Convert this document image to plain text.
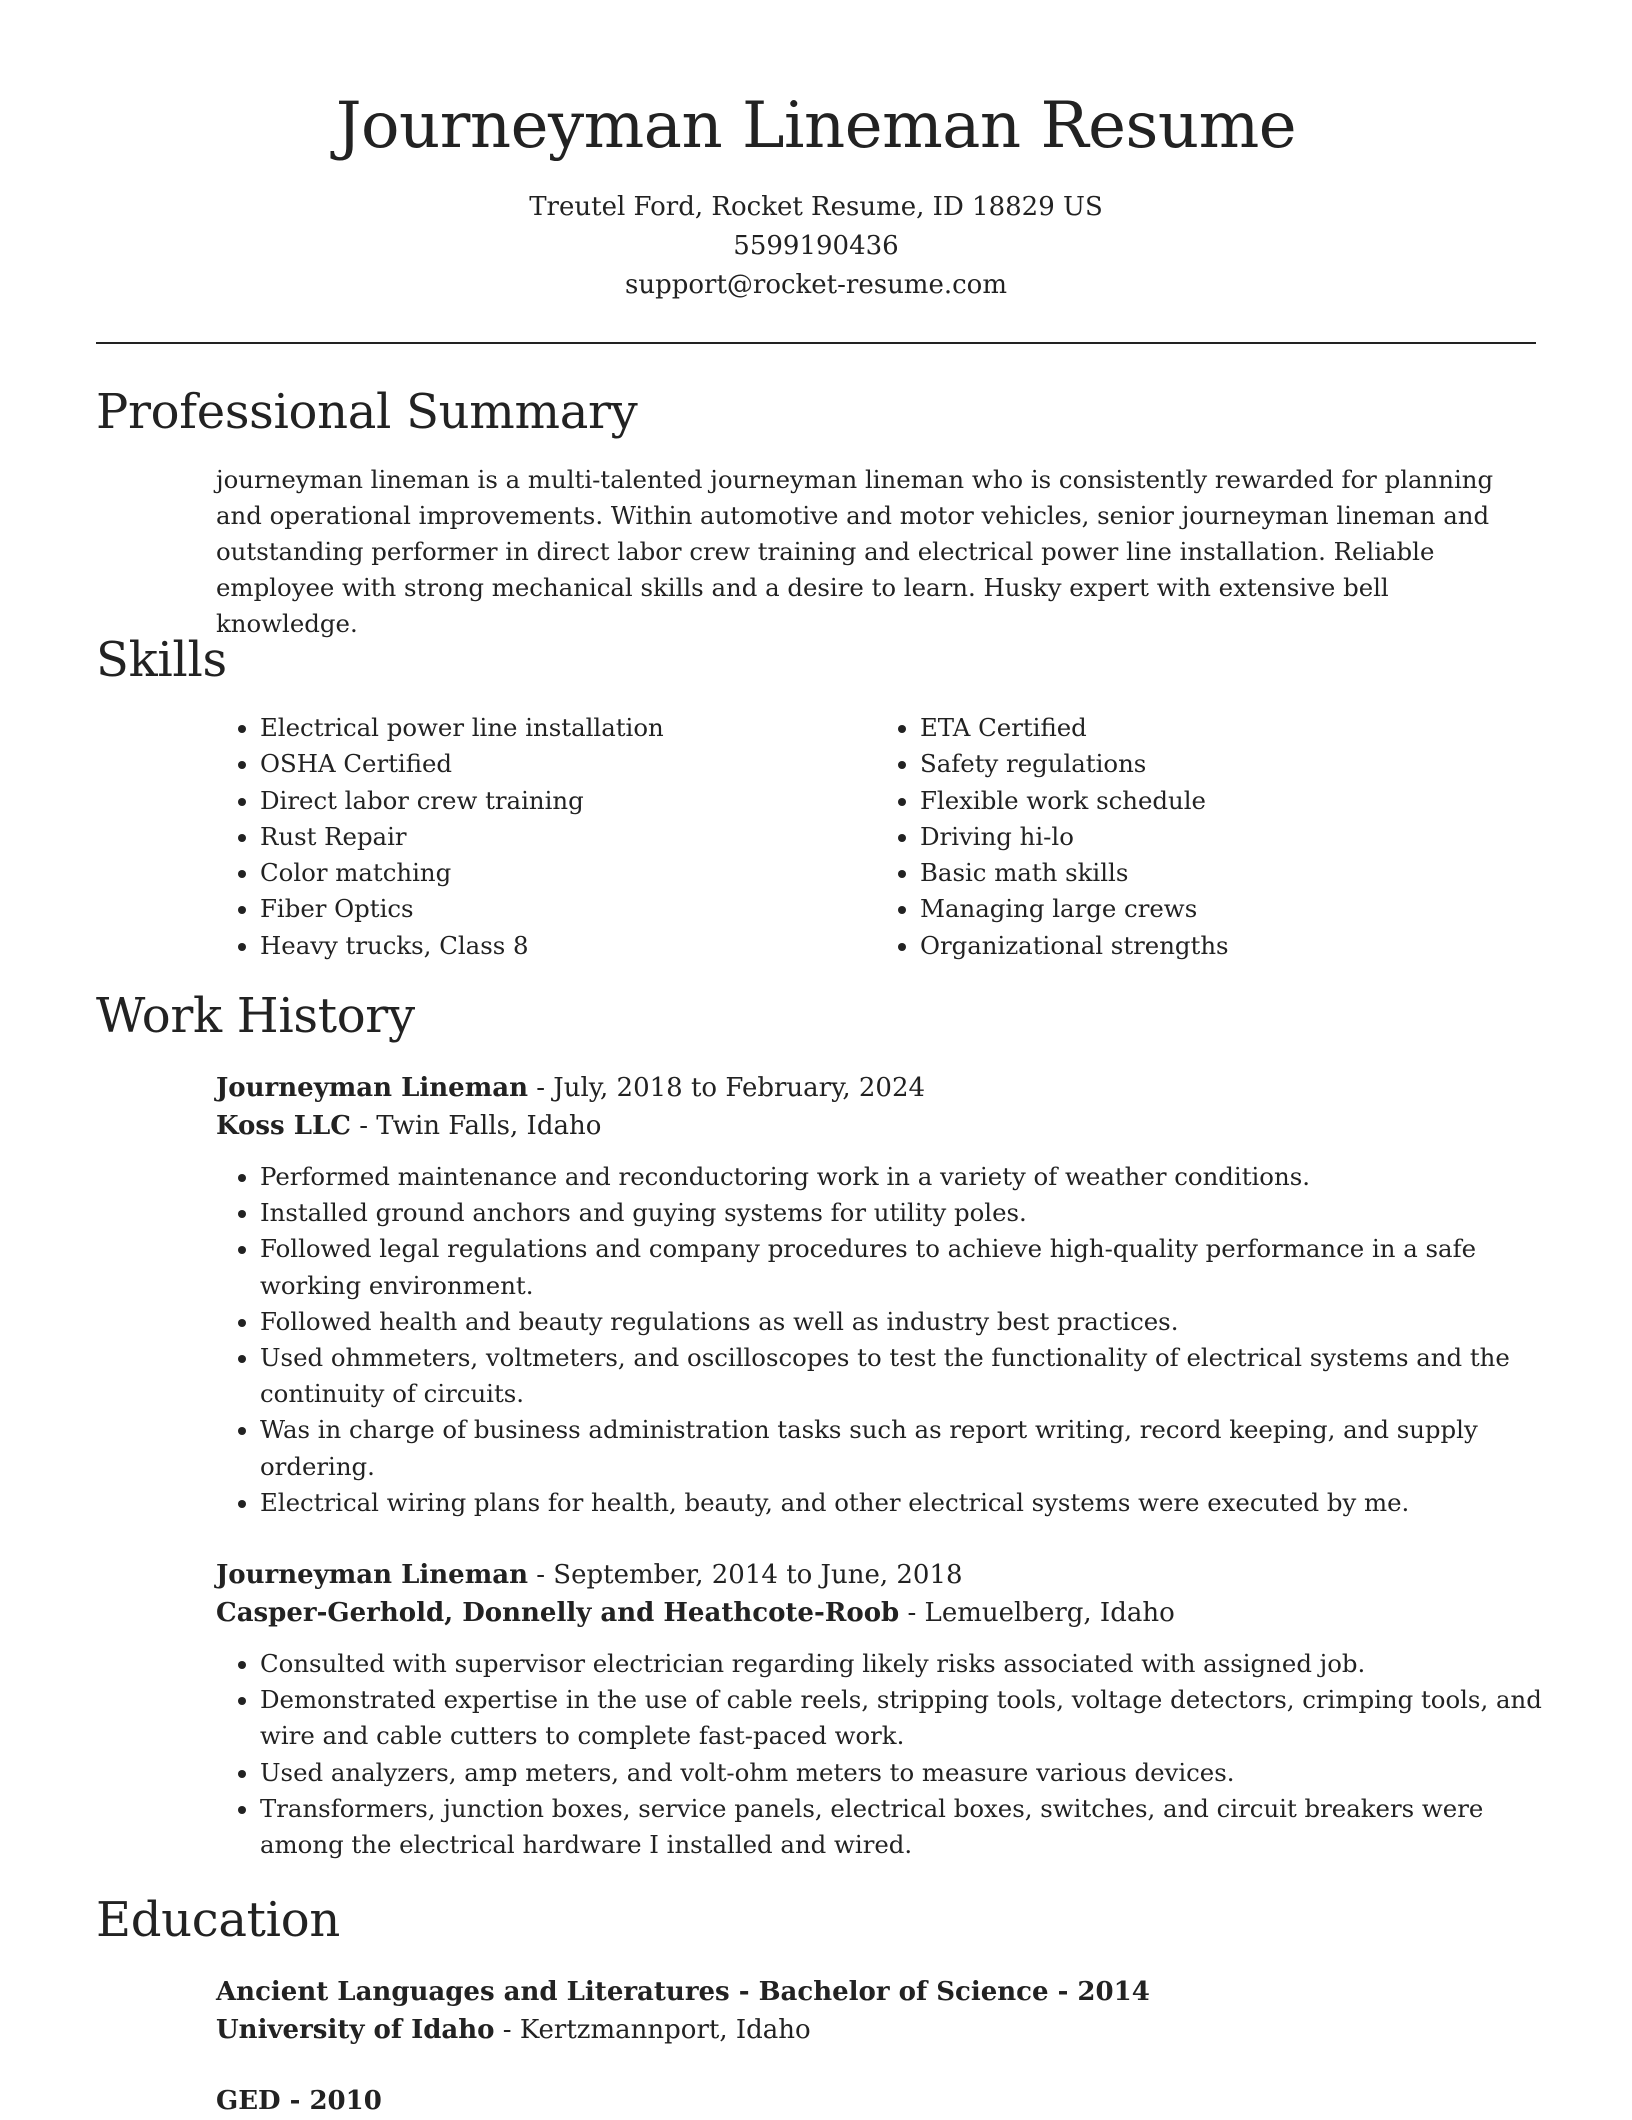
Journeyman Lineman Resume
Treutel Ford, Rocket Resume, ID 18829 US
5599190436
support@rocket-resume.com
Professional Summary

journeyman lineman is a multi-talented journeyman lineman who is consistently rewarded for planning and operational improvements. Within automotive and motor vehicles, senior journeyman lineman and outstanding performer in direct labor crew training and electrical power line installation. Reliable employee with strong mechanical skills and a desire to learn. Husky expert with extensive bell knowledge.

Skills
• Electrical power line installation
• OSHA Certified
• Direct labor crew training
• Rust Repair
• Color matching
• Fiber Optics
• Heavy trucks, Class 8
• ETA Certified
• Safety regulations
• Flexible work schedule
• Driving hi-lo
• Basic math skills
• Managing large crews
• Organizational strengths
Work History
Journeyman Lineman - July, 2018 to February, 2024
Koss LLC - Twin Falls, Idaho
• Performed maintenance and reconductoring work in a variety of weather conditions.
• Installed ground anchors and guying systems for utility poles.
• Followed legal regulations and company procedures to achieve high-quality performance in a safe working environment.
• Followed health and beauty regulations as well as industry best practices.
• Used ohmmeters, voltmeters, and oscilloscopes to test the functionality of electrical systems and the continuity of circuits.
• Was in charge of business administration tasks such as report writing, record keeping, and supply ordering.
• Electrical wiring plans for health, beauty, and other electrical systems were executed by me.
Journeyman Lineman - September, 2014 to June, 2018
Casper-Gerhold, Donnelly and Heathcote-Roob - Lemuelberg, Idaho
• Consulted with supervisor electrician regarding likely risks associated with assigned job.
• Demonstrated expertise in the use of cable reels, stripping tools, voltage detectors, crimping tools, and wire and cable cutters to complete fast-paced work.
• Used analyzers, amp meters, and volt-ohm meters to measure various devices.
• Transformers, junction boxes, service panels, electrical boxes, switches, and circuit breakers were among the electrical hardware I installed and wired.
Education
Ancient Languages and Literatures - Bachelor of Science - 2014
University of Idaho - Kertzmannport, Idaho
GED - 2010
